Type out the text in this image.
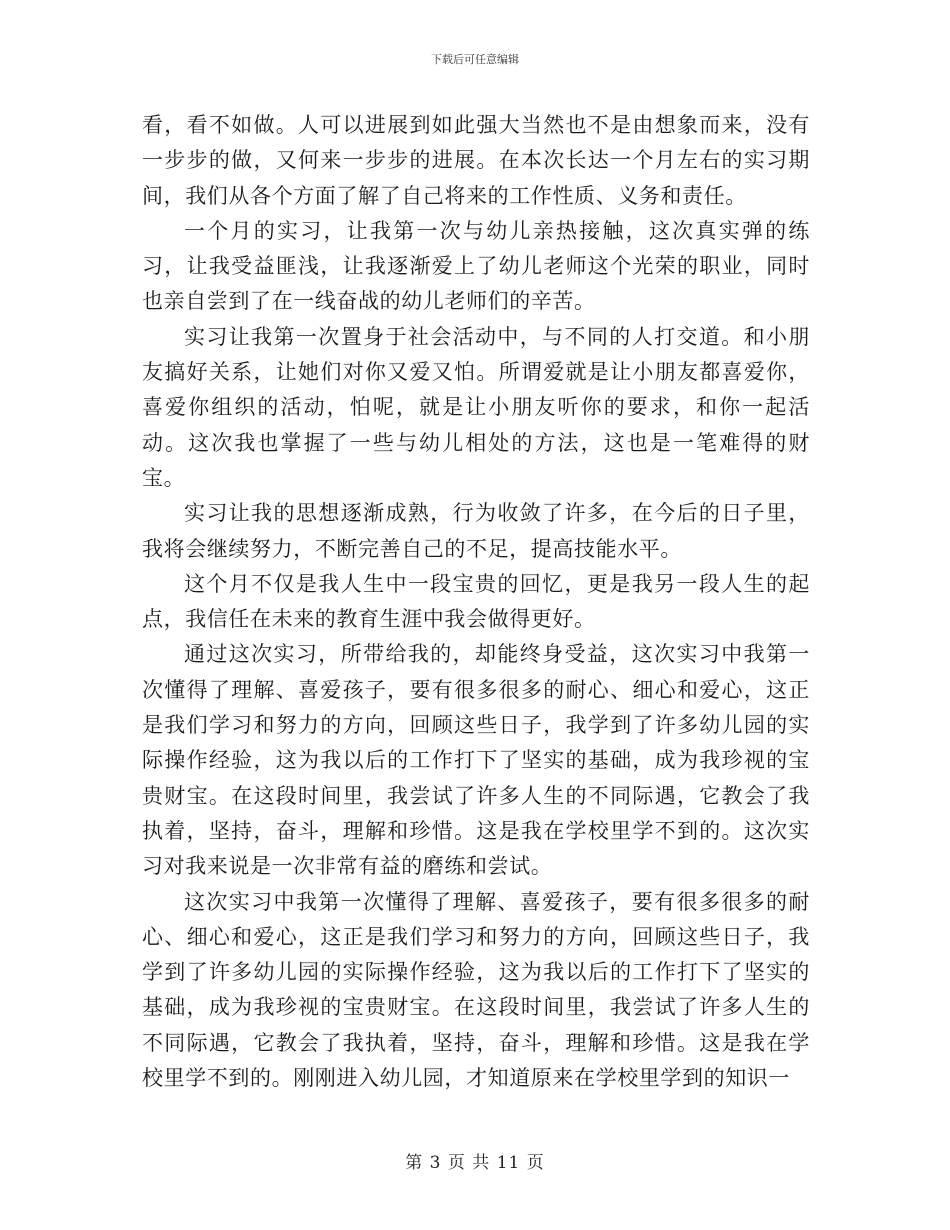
下载后可任意编辑

看，看不如做。人可以进展到如此强大当然也不是由想象而来，没有一步步的做，又何来一步步的进展。在本次长达一个月左右的实习期间，我们从各个方面了解了自己将来的工作性质、义务和责任。

一个月的实习，让我第一次与幼儿亲热接触，这次真实弹的练习，让我受益匪浅，让我逐渐爱上了幼儿老师这个光荣的职业，同时也亲自尝到了在一线奋战的幼儿老师们的辛苦。

实习让我第一次置身于社会活动中，与不同的人打交道。和小朋友搞好关系，让她们对你又爱又怕。所谓爱就是让小朋友都喜爱你，喜爱你组织的活动，怕呢，就是让小朋友听你的要求，和你一起活动。这次我也掌握了一些与幼儿相处的方法，这也是一笔难得的财宝。

实习让我的思想逐渐成熟，行为收敛了许多，在今后的日子里，我将会继续努力，不断完善自己的不足，提高技能水平。

这个月不仅是我人生中一段宝贵的回忆，更是我另一段人生的起点，我信任在未来的教育生涯中我会做得更好。

通过这次实习，所带给我的，却能终身受益，这次实习中我第一次懂得了理解、喜爱孩子，要有很多很多的耐心、细心和爱心，这正是我们学习和努力的方向，回顾这些日子，我学到了许多幼儿园的实际操作经验，这为我以后的工作打下了坚实的基础，成为我珍视的宝贵财宝。在这段时间里，我尝试了许多人生的不同际遇，它教会了我执着，坚持，奋斗，理解和珍惜。这是我在学校里学不到的。这次实习对我来说是一次非常有益的磨练和尝试。

这次实习中我第一次懂得了理解、喜爱孩子，要有很多很多的耐心、细心和爱心，这正是我们学习和努力的方向，回顾这些日子，我学到了许多幼儿园的实际操作经验，这为我以后的工作打下了坚实的基础，成为我珍视的宝贵财宝。在这段时间里，我尝试了许多人生的不同际遇，它教会了我执着，坚持，奋斗，理解和珍惜。这是我在学校里学不到的。刚刚进入幼儿园，才知道原来在学校里学到的知识一

第 3 页 共 11 页
